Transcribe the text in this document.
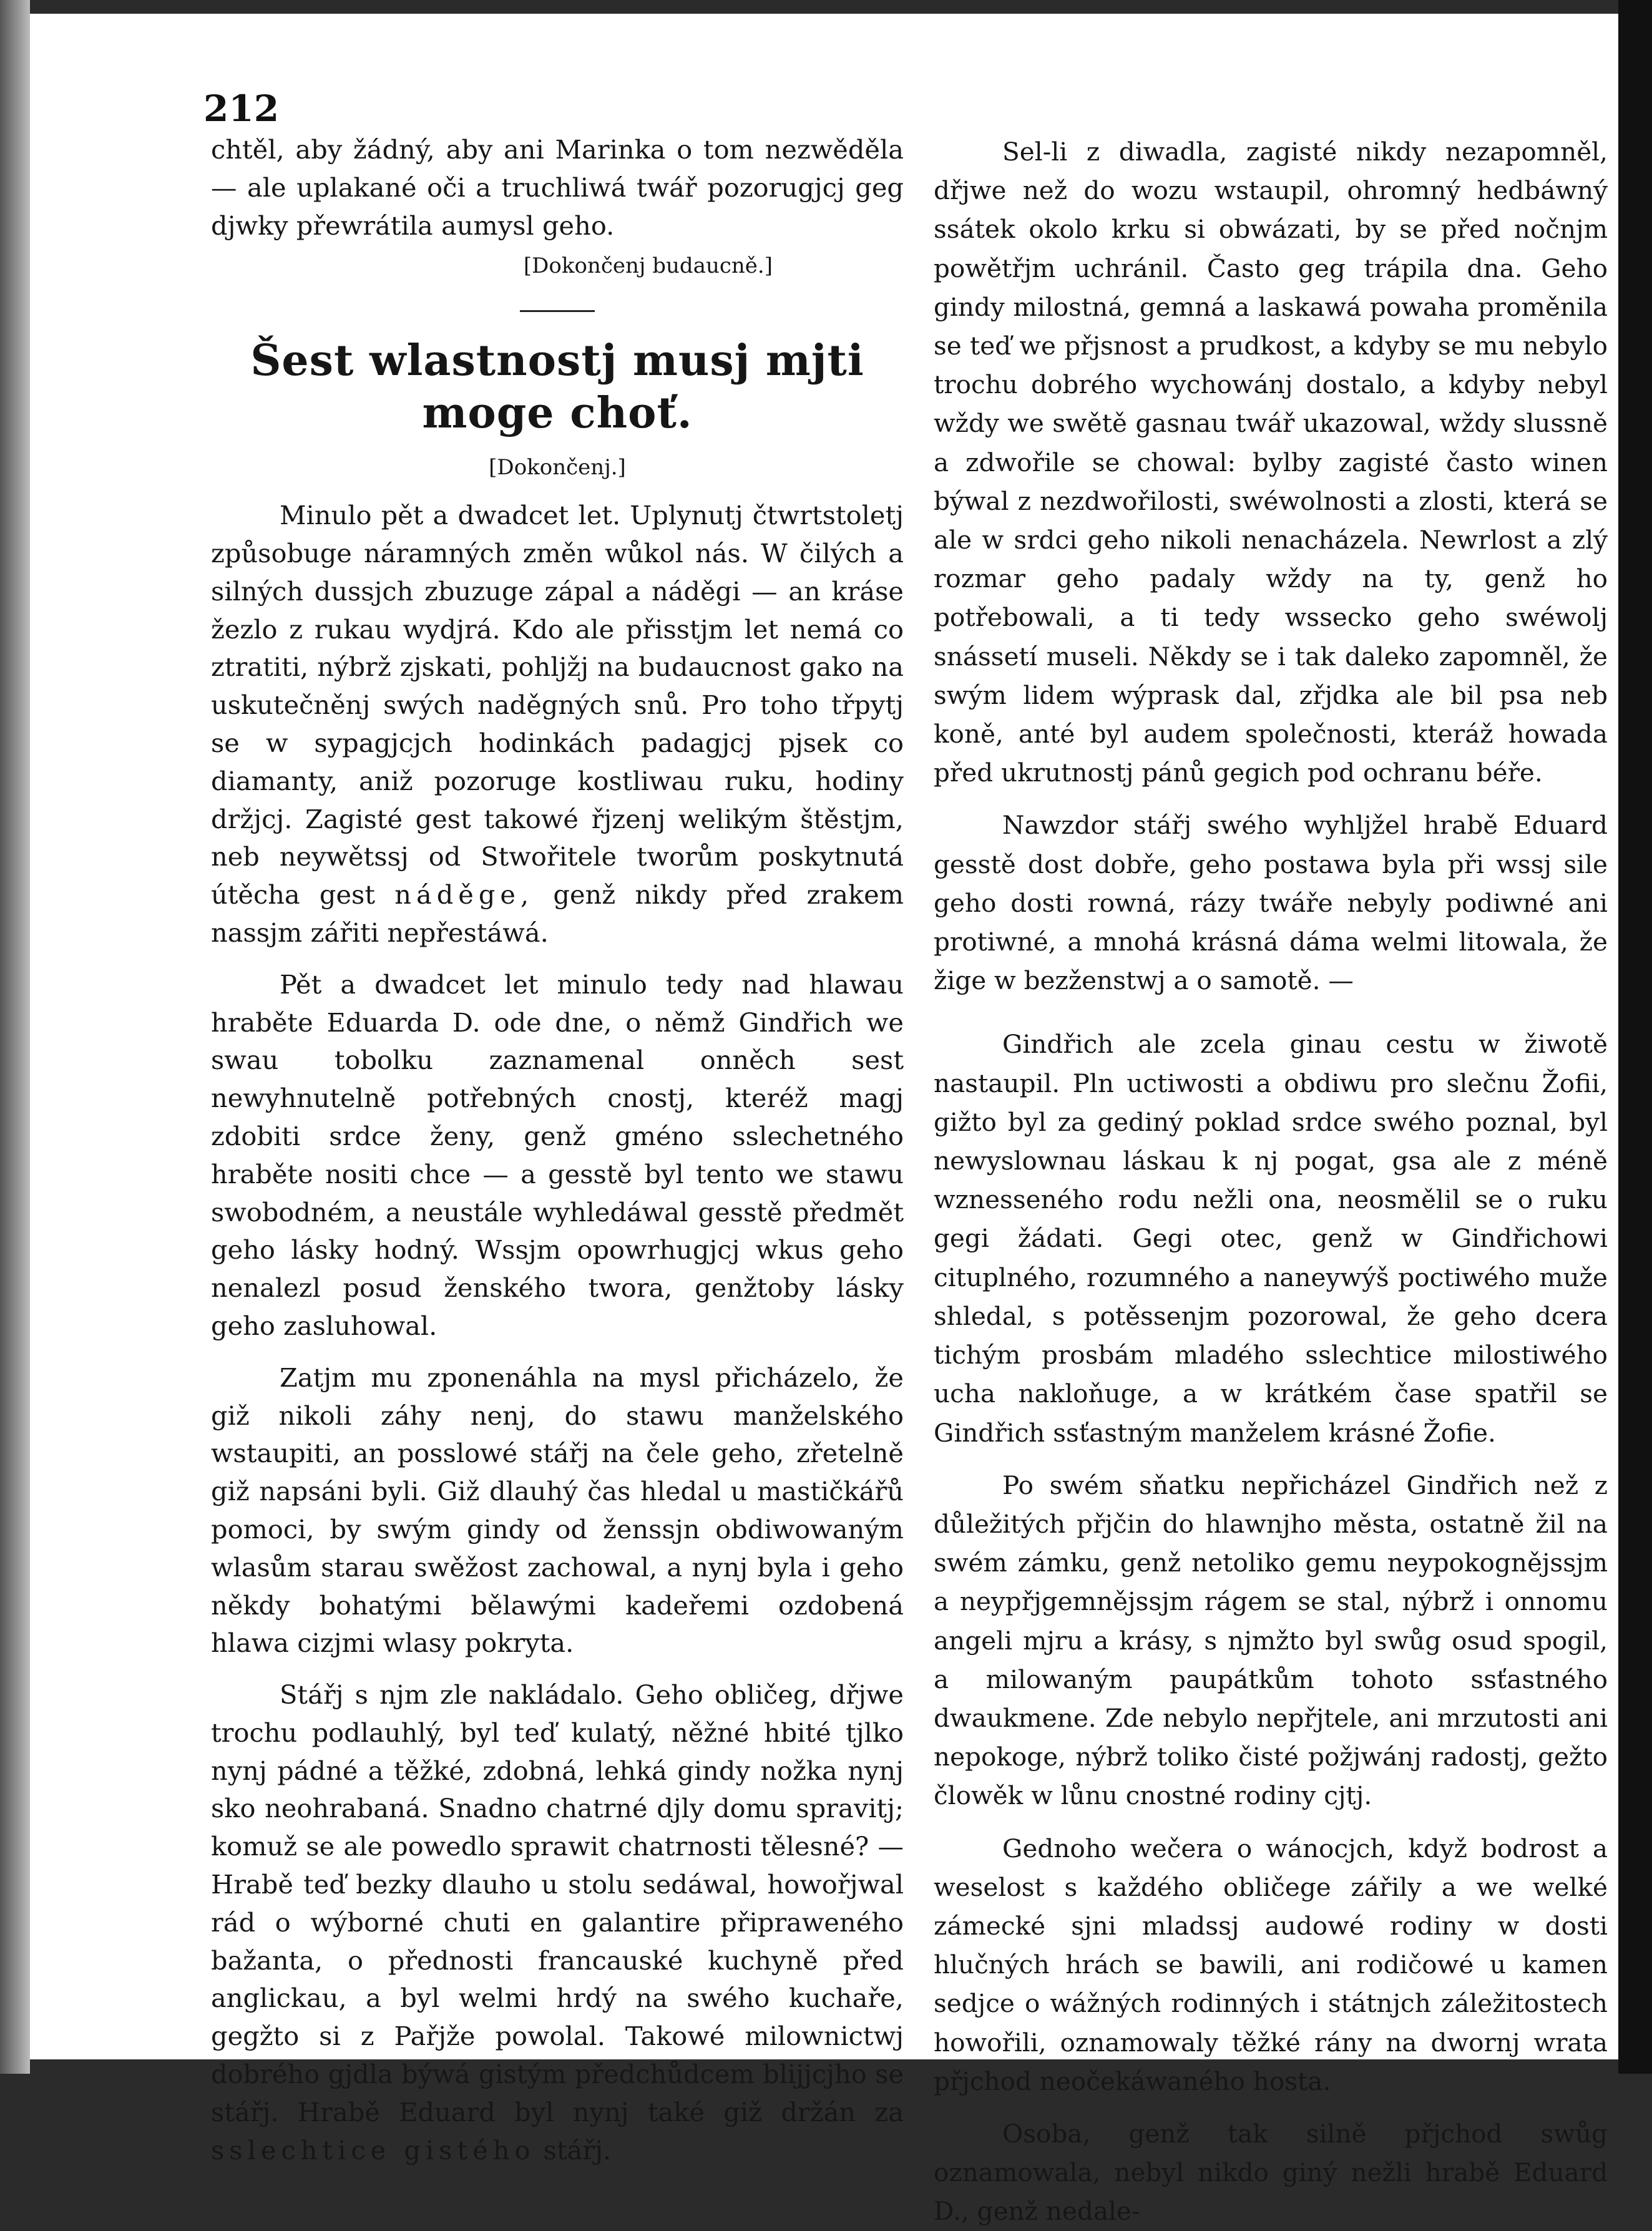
212

chtěl, aby žádný, aby ani Marinka o tom nezwěděla — ale uplakané oči a truchliwá twář pozorugjcj geg djwky přewrátila aumysl geho.

[Dokončenj budaucně.]
Šest wlastnostj musj mjti moge choť.
[Dokončenj.]

Minulo pět a dwadcet let. Uplynutj čtwrtstoletj způsobuge náramných změn wůkol nás. W čilých a silných dussjch zbuzuge zápal a náděgi — an kráse žezlo z rukau wydjrá. Kdo ale přisstjm let nemá co ztratiti, nýbrž zjskati, pohljžj na budaucnost gako na uskutečněnj swých naděgných snů. Pro toho třpytj se w sypagjcjch hodinkách padagjcj pjsek co diamanty, aniž pozoruge kostliwau ruku, hodiny držjcj. Zagisté gest takowé řjzenj welikým štěstjm, neb neywětssj od Stwořitele tworům poskytnutá útěcha gest náděge, genž nikdy před zrakem nassjm zářiti nepřestáwá.

Pět a dwadcet let minulo tedy nad hlawau hraběte Eduarda D. ode dne, o němž Gindřich we swau tobolku zaznamenal onněch sest newyhnutelně potřebných cnostj, kteréž magj zdobiti srdce ženy, genž gméno sslechetného hraběte nositi chce — a gesstě byl tento we stawu swobodném, a neustále wyhledáwal gesstě předmět geho lásky hodný. Wssjm opowrhugjcj wkus geho nenalezl posud ženského twora, genžtoby lásky geho zasluhowal.

Zatjm mu zponenáhla na mysl přicházelo, že giž nikoli záhy nenj, do stawu manželského wstaupiti, an posslowé stářj na čele geho, zřetelně giž napsáni byli. Giž dlauhý čas hledal u mastičkářů pomoci, by swým gindy od ženssjn obdiwowaným wlasům starau swěžost zachowal, a nynj byla i geho někdy bohatými bělawými kadeřemi ozdobená hlawa cizjmi wlasy pokryta.

Stářj s njm zle nakládalo. Geho obličeg, dřjwe trochu podlauhlý, byl teď kulatý, něžné hbité tjlko nynj pádné a těžké, zdobná, lehká gindy nožka nynj sko neohrabaná. Snadno chatrné djly domu spravitj; komuž se ale powedlo sprawit chatrnosti tělesné? — Hrabě teď bezky dlauho u stolu sedáwal, howořjwal rád o wýborné chuti en galantire připraweného bažanta, o přednosti francauské kuchyně před anglickau, a byl welmi hrdý na swého kuchaře, gegžto si z Pařjže powolal. Takowé milownictwj dobrého gjdla býwá gistým předchůdcem blijjcjho se stářj. Hrabě Eduard byl nynj také giž držán za sslechtice gistého stářj.

Sel-li z diwadla, zagisté nikdy nezapomněl, dřjwe než do wozu wstaupil, ohromný hedbáwný ssátek okolo krku si obwázati, by se před nočnjm powětřjm uchránil. Často geg trápila dna. Geho gindy milostná, gemná a laskawá powaha proměnila se teď we přjsnost a prudkost, a kdyby se mu nebylo trochu dobrého wychowánj dostalo, a kdyby nebyl wždy we swětě gasnau twář ukazowal, wždy slussně a zdwořile se chowal: bylby zagisté často winen býwal z nezdwořilosti, swéwolnosti a zlosti, která se ale w srdci geho nikoli nenacházela. Newrlost a zlý rozmar geho padaly wždy na ty, genž ho potřebowali, a ti tedy wssecko geho swéwolj snássetí museli. Někdy se i tak daleko zapomněl, že swým lidem wýprask dal, zřjdka ale bil psa neb koně, anté byl audem společnosti, kteráž howada před ukrutnostj pánů gegich pod ochranu béře.

Nawzdor stářj swého wyhljžel hrabě Eduard gesstě dost dobře, geho postawa byla při wssj sile geho dosti rowná, rázy twáře nebyly podiwné ani protiwné, a mnohá krásná dáma welmi litowala, že žige w bezženstwj a o samotě. —

Gindřich ale zcela ginau cestu w žiwotě nastaupil. Pln uctiwosti a obdiwu pro slečnu Žofii, gižto byl za gediný poklad srdce swého poznal, byl newyslownau láskau k nj pogat, gsa ale z méně wznesseného rodu nežli ona, neosmělil se o ruku gegi žádati. Gegi otec, genž w Gindřichowi cituplného, rozumného a naneywýš poctiwého muže shledal, s potěssenjm pozorowal, že geho dcera tichým prosbám mladého sslechtice milostiwého ucha nakloňuge, a w krátkém čase spatřil se Gindřich ssťastným manželem krásné Žofie.

Po swém sňatku nepřicházel Gindřich než z důležitých přjčin do hlawnjho města, ostatně žil na swém zámku, genž netoliko gemu neypokognějssjm a neypřjgemnějssjm rágem se stal, nýbrž i onnomu angeli mjru a krásy, s njmžto byl swůg osud spogil, a milowaným paupátkům tohoto ssťastného dwaukmene. Zde nebylo nepřjtele, ani mrzutosti ani nepokoge, nýbrž toliko čisté požjwánj radostj, gežto člowěk w lůnu cnostné rodiny cjtj.

Gednoho wečera o wánocjch, když bodrost a weselost s každého obličege zářily a we welké zámecké sjni mladssj audowé rodiny w dosti hlučných hrách se bawili, ani rodičowé u kamen sedjce o wážných rodinných i státnjch záležitostech howořili, oznamowaly těžké rány na dwornj wrata přjchod neočekáwaného hosta.

Osoba, genž tak silně přjchod swůg oznamowala, nebyl nikdo giný nežli hrabě Eduard D., genž nedale-
